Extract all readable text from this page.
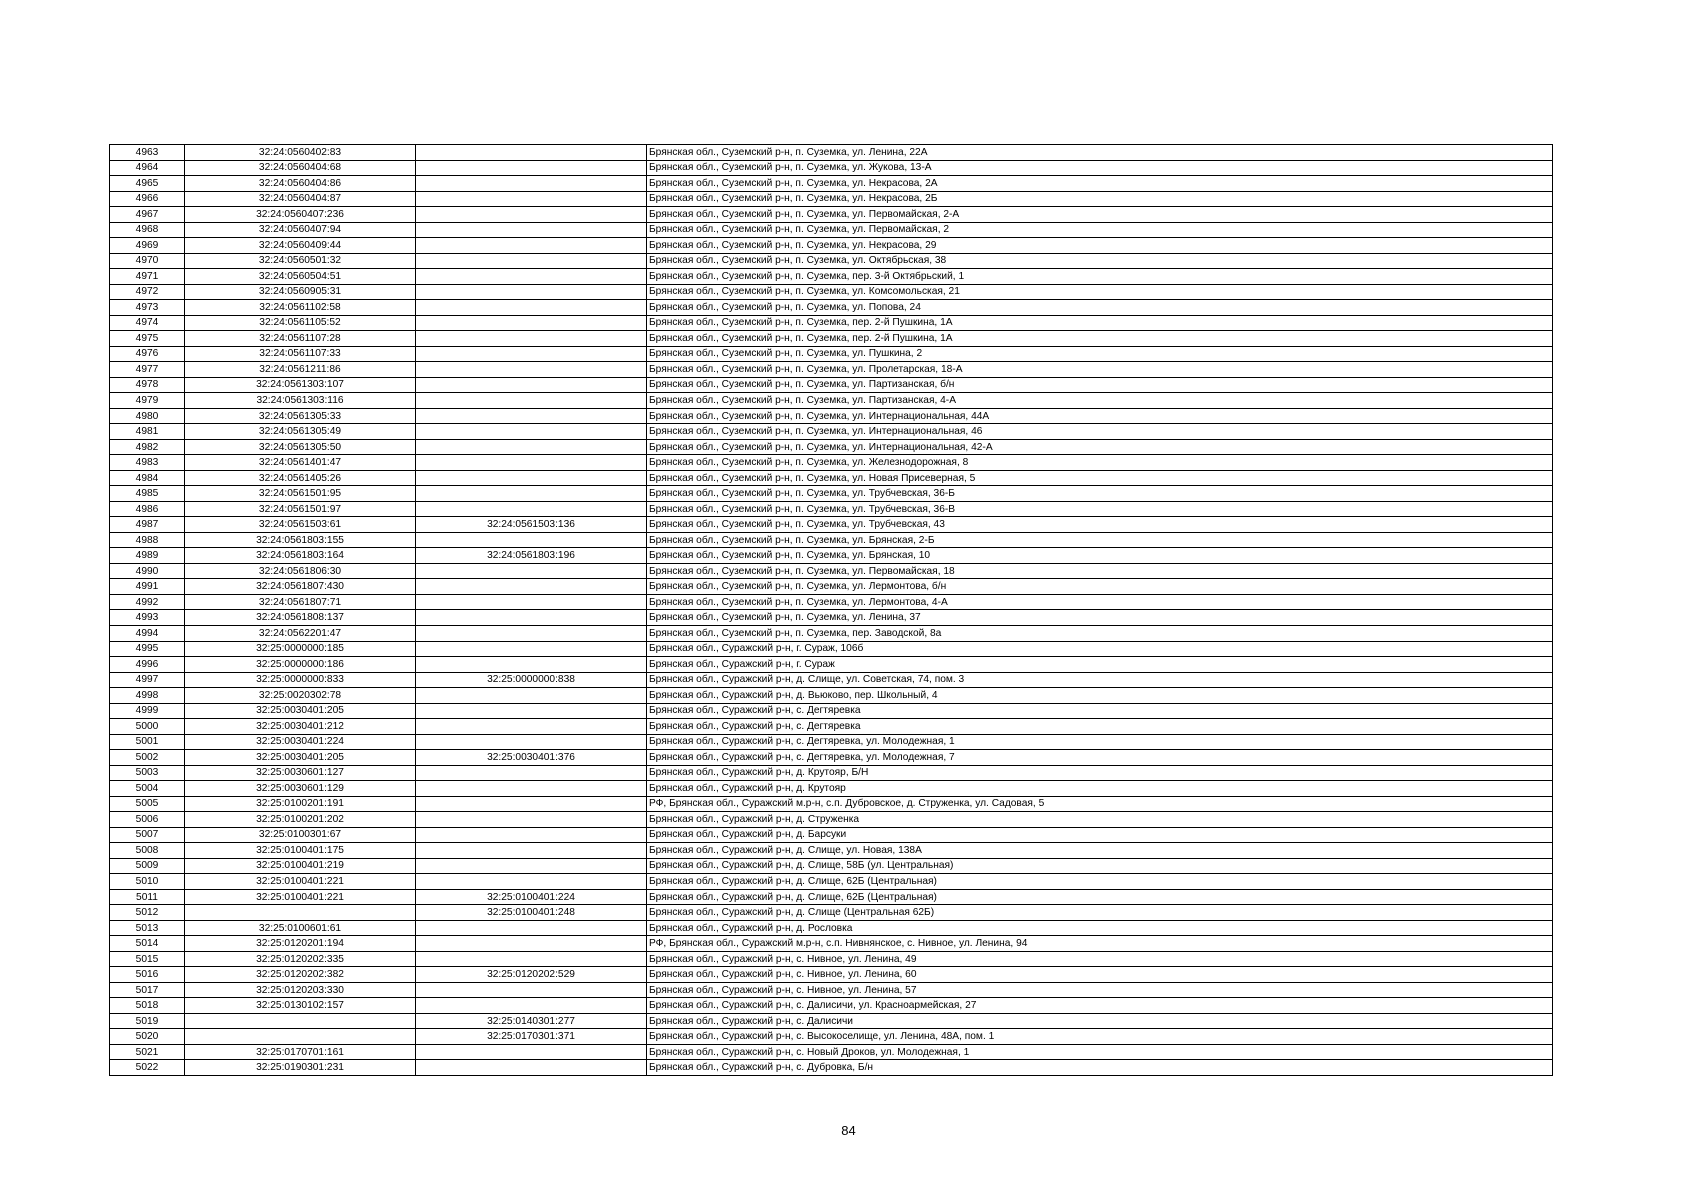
4963	32:24:0560402:83		Брянская обл., Суземский р-н, п. Суземка, ул. Ленина, 22А
4964	32:24:0560404:68		Брянская обл., Суземский р-н, п. Суземка, ул. Жукова, 13-А
4965	32:24:0560404:86		Брянская обл., Суземский р-н, п. Суземка, ул. Некрасова, 2А
4966	32:24:0560404:87		Брянская обл., Суземский р-н, п. Суземка, ул. Некрасова, 2Б
4967	32:24:0560407:236		Брянская обл., Суземский р-н, п. Суземка, ул. Первомайская, 2-А
4968	32:24:0560407:94		Брянская обл., Суземский р-н, п. Суземка, ул. Первомайская, 2
4969	32:24:0560409:44		Брянская обл., Суземский р-н, п. Суземка, ул. Некрасова, 29
4970	32:24:0560501:32		Брянская обл., Суземский р-н, п. Суземка, ул. Октябрьская, 38
4971	32:24:0560504:51		Брянская обл., Суземский р-н, п. Суземка, пер. 3-й Октябрьский, 1
4972	32:24:0560905:31		Брянская обл., Суземский р-н, п. Суземка, ул. Комсомольская, 21
4973	32:24:0561102:58		Брянская обл., Суземский р-н, п. Суземка, ул. Попова, 24
4974	32:24:0561105:52		Брянская обл., Суземский р-н, п. Суземка, пер. 2-й Пушкина, 1А
4975	32:24:0561107:28		Брянская обл., Суземский р-н, п. Суземка, пер. 2-й Пушкина, 1А
4976	32:24:0561107:33		Брянская обл., Суземский р-н, п. Суземка, ул. Пушкина, 2
4977	32:24:0561211:86		Брянская обл., Суземский р-н, п. Суземка, ул. Пролетарская, 18-А
4978	32:24:0561303:107		Брянская обл., Суземский р-н, п. Суземка, ул. Партизанская, б/н
4979	32:24:0561303:116		Брянская обл., Суземский р-н, п. Суземка, ул. Партизанская, 4-А
4980	32:24:0561305:33		Брянская обл., Суземский р-н, п. Суземка, ул. Интернациональная, 44А
4981	32:24:0561305:49		Брянская обл., Суземский р-н, п. Суземка, ул. Интернациональная, 46
4982	32:24:0561305:50		Брянская обл., Суземский р-н, п. Суземка, ул. Интернациональная, 42-А
4983	32:24:0561401:47		Брянская обл., Суземский р-н, п. Суземка, ул. Железнодорожная, 8
4984	32:24:0561405:26		Брянская обл., Суземский р-н, п. Суземка, ул. Новая Присеверная, 5
4985	32:24:0561501:95		Брянская обл., Суземский р-н, п. Суземка, ул. Трубчевская, 36-Б
4986	32:24:0561501:97		Брянская обл., Суземский р-н, п. Суземка, ул. Трубчевская, 36-В
4987	32:24:0561503:61	32:24:0561503:136	Брянская обл., Суземский р-н, п. Суземка, ул. Трубчевская, 43
4988	32:24:0561803:155		Брянская обл., Суземский р-н, п. Суземка, ул. Брянская, 2-Б
4989	32:24:0561803:164	32:24:0561803:196	Брянская обл., Суземский р-н, п. Суземка, ул. Брянская, 10
4990	32:24:0561806:30		Брянская обл., Суземский р-н, п. Суземка, ул. Первомайская, 18
4991	32:24:0561807:430		Брянская обл., Суземский р-н, п. Суземка, ул. Лермонтова, б/н
4992	32:24:0561807:71		Брянская обл., Суземский р-н, п. Суземка, ул. Лермонтова, 4-А
4993	32:24:0561808:137		Брянская обл., Суземский р-н, п. Суземка, ул. Ленина, 37
4994	32:24:0562201:47		Брянская обл., Суземский р-н, п. Суземка, пер. Заводской, 8а
4995	32:25:0000000:185		Брянская обл., Суражский р-н, г. Сураж, 106б
4996	32:25:0000000:186		Брянская обл., Суражский р-н, г. Сураж
4997	32:25:0000000:833	32:25:0000000:838	Брянская обл., Суражский р-н, д. Слище, ул. Советская, 74, пом. 3
4998	32:25:0020302:78		Брянская обл., Суражский р-н, д. Вьюково, пер. Школьный, 4
4999	32:25:0030401:205		Брянская обл., Суражский р-н, с. Дегтяревка
5000	32:25:0030401:212		Брянская обл., Суражский р-н, с. Дегтяревка
5001	32:25:0030401:224		Брянская обл., Суражский р-н, с. Дегтяревка, ул. Молодежная, 1
5002	32:25:0030401:205	32:25:0030401:376	Брянская обл., Суражский р-н, с. Дегтяревка, ул. Молодежная, 7
5003	32:25:0030601:127		Брянская обл., Суражский р-н, д. Крутояр, Б/Н
5004	32:25:0030601:129		Брянская обл., Суражский р-н, д. Крутояр
5005	32:25:0100201:191		РФ, Брянская обл., Суражский м.р-н, с.п. Дубровское, д. Струженка, ул. Садовая, 5
5006	32:25:0100201:202		Брянская обл., Суражский р-н, д. Струженка
5007	32:25:0100301:67		Брянская обл., Суражский р-н, д. Барсуки
5008	32:25:0100401:175		Брянская обл., Суражский р-н, д. Слище, ул. Новая, 138А
5009	32:25:0100401:219		Брянская обл., Суражский р-н, д. Слище, 58Б (ул. Центральная)
5010	32:25:0100401:221		Брянская обл., Суражский р-н, д. Слище, 62Б (Центральная)
5011	32:25:0100401:221	32:25:0100401:224	Брянская обл., Суражский р-н, д. Слище, 62Б (Центральная)
5012		32:25:0100401:248	Брянская обл., Суражский р-н, д. Слище (Центральная 62Б)
5013	32:25:0100601:61		Брянская обл., Суражский р-н, д. Рословка
5014	32:25:0120201:194		РФ, Брянская обл., Суражский м.р-н, с.п. Нивнянское, с. Нивное, ул. Ленина, 94
5015	32:25:0120202:335		Брянская обл., Суражский р-н, с. Нивное, ул. Ленина, 49
5016	32:25:0120202:382	32:25:0120202:529	Брянская обл., Суражский р-н, с. Нивное, ул. Ленина, 60
5017	32:25:0120203:330		Брянская обл., Суражский р-н, с. Нивное, ул. Ленина, 57
5018	32:25:0130102:157		Брянская обл., Суражский р-н, с. Далисичи, ул. Красноармейская, 27
5019		32:25:0140301:277	Брянская обл., Суражский р-н, с. Далисичи
5020		32:25:0170301:371	Брянская обл., Суражский р-н, с. Высокоселище, ул. Ленина, 48А, пом. 1
5021	32:25:0170701:161		Брянская обл., Суражский р-н, с. Новый Дроков, ул. Молодежная, 1
5022	32:25:0190301:231		Брянская обл., Суражский р-н, с. Дубровка, Б/н
84
